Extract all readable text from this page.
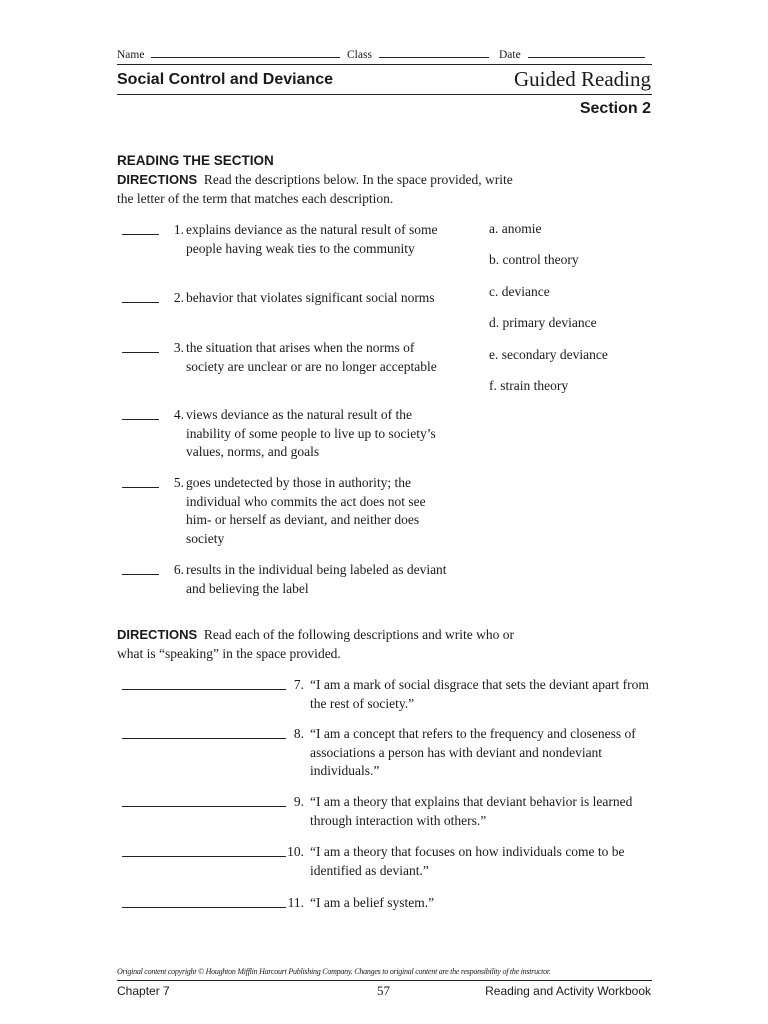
Name	Class	Date
Social Control and Deviance	Guided Reading
Section 2
READING THE SECTION
DIRECTIONS Read the descriptions below. In the space provided, write
the letter of the term that matches each description.
1. explains deviance as the natural result of some people having weak ties to the community
2. behavior that violates significant social norms
3. the situation that arises when the norms of society are unclear or are no longer acceptable
4. views deviance as the natural result of the inability of some people to live up to society’s values, norms, and goals
5. goes undetected by those in authority; the individual who commits the act does not see him- or herself as deviant, and neither does society
6. results in the individual being labeled as deviant and believing the label
a. anomie
b. control theory
c. deviance
d. primary deviance
e. secondary deviance
f. strain theory
DIRECTIONS Read each of the following descriptions and write who or
what is “speaking” in the space provided.
7. “I am a mark of social disgrace that sets the deviant apart from the rest of society.”
8. “I am a concept that refers to the frequency and closeness of associations a person has with deviant and nondeviant individuals.”
9. “I am a theory that explains that deviant behavior is learned through interaction with others.”
10. “I am a theory that focuses on how individuals come to be identified as deviant.”
11. “I am a belief system.”
Original content copyright © Houghton Mifflin Harcourt Publishing Company. Changes to original content are the responsibility of the instructor.
Chapter 7	57	Reading and Activity Workbook
